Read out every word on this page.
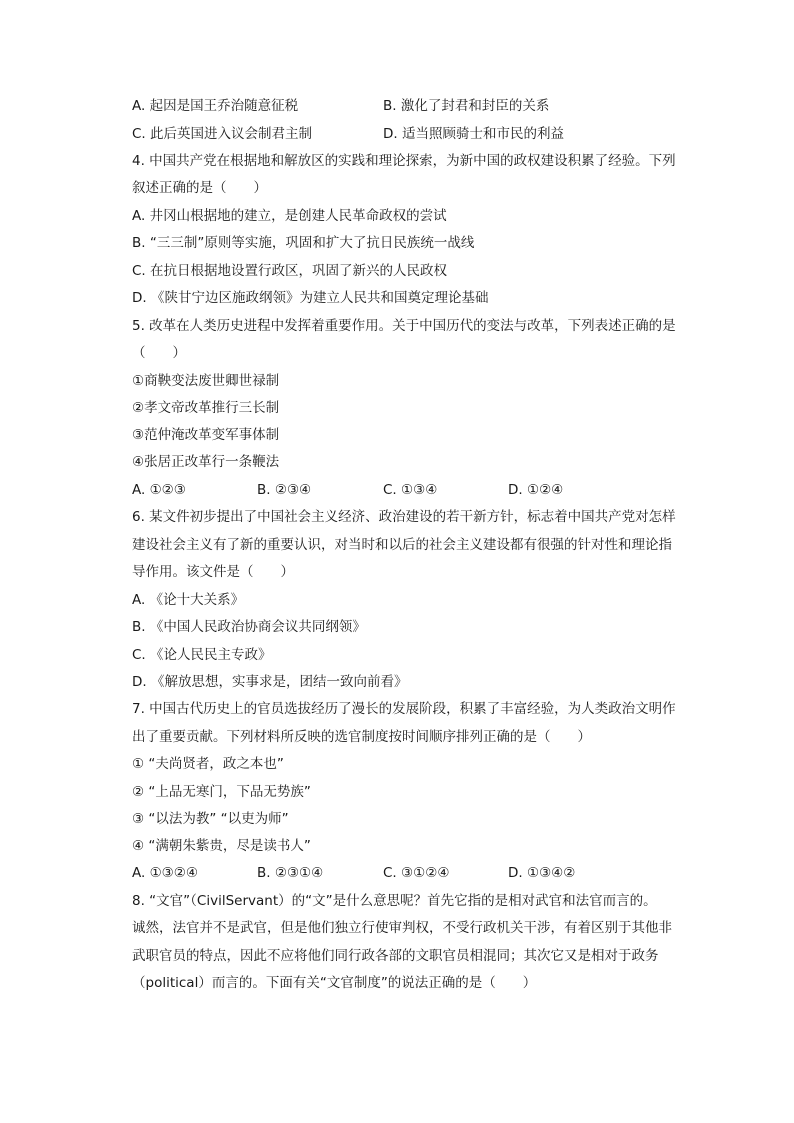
A. 起因是国王乔治随意征税	B. 激化了封君和封臣的关系
C. 此后英国进入议会制君主制	D. 适当照顾骑士和市民的利益
4. 中国共产党在根据地和解放区的实践和理论探索，为新中国的政权建设积累了经验。下列
叙述正确的是（　　）
A. 井冈山根据地的建立，是创建人民革命政权的尝试
B. “三三制”原则等实施，巩固和扩大了抗日民族统一战线
C. 在抗日根据地设置行政区，巩固了新兴的人民政权
D. 《陕甘宁边区施政纲领》为建立人民共和国奠定理论基础
5. 改革在人类历史进程中发挥着重要作用。关于中国历代的变法与改革，下列表述正确的是
（　　）
①商鞅变法废世卿世禄制
②孝文帝改革推行三长制
③范仲淹改革变军事体制
④张居正改革行一条鞭法
A. ①②③	B. ②③④	C. ①③④	D. ①②④
6. 某文件初步提出了中国社会主义经济、政治建设的若干新方针，标志着中国共产党对怎样
建设社会主义有了新的重要认识，对当时和以后的社会主义建设都有很强的针对性和理论指
导作用。该文件是（　　）
A. 《论十大关系》
B. 《中国人民政治协商会议共同纲领》
C. 《论人民民主专政》
D. 《解放思想，实事求是，团结一致向前看》
7. 中国古代历史上的官员选拔经历了漫长的发展阶段，积累了丰富经验，为人类政治文明作
出了重要贡献。下列材料所反映的选官制度按时间顺序排列正确的是（　　）
① “夫尚贤者，政之本也”
② “上品无寒门，下品无势族”
③ “以法为教” “以吏为师”
④ “满朝朱紫贵，尽是读书人”
A. ①③②④	B. ②③①④	C. ③①②④	D. ①③④②
8. “文官”（CivilServant）的“文”是什么意思呢？首先它指的是相对武官和法官而言的。
诚然，法官并不是武官，但是他们独立行使审判权，不受行政机关干涉，有着区别于其他非
武职官员的特点，因此不应将他们同行政各部的文职官员相混同；其次它又是相对于政务
（political）而言的。下面有关“文官制度”的说法正确的是（　　）
